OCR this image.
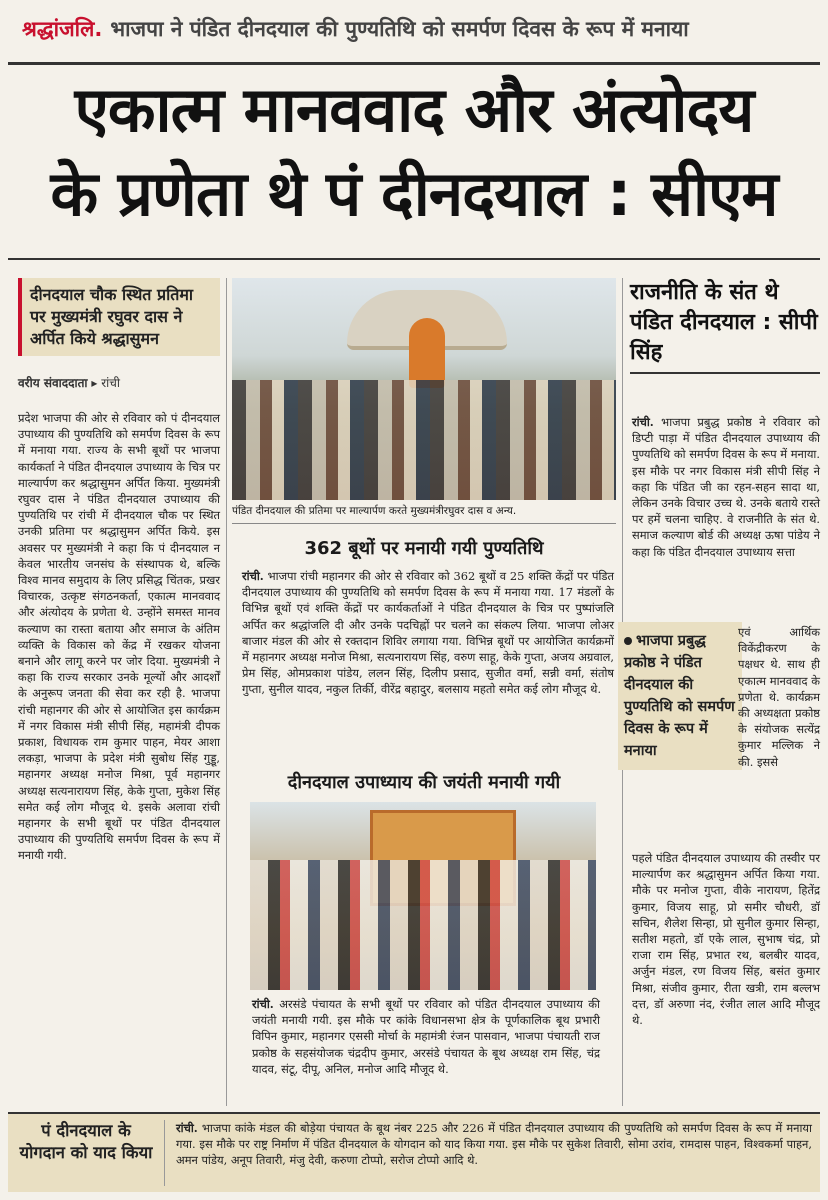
श्रद्धांजलि. भाजपा ने पंडित दीनदयाल की पुण्यतिथि को समर्पण दिवस के रूप में मनाया
एकात्म मानववाद और अंत्योदय
के प्रणेता थे पं दीनदयाल : सीएम
दीनदयाल चौक स्थित प्रतिमा पर मुख्यमंत्री रघुवर दास ने अर्पित किये श्रद्धासुमन
वरीय संवाददाता ▸ रांची
प्रदेश भाजपा की ओर से रविवार को पं दीनदयाल उपाध्याय की पुण्यतिथि को समर्पण दिवस के रूप में मनाया गया. राज्य के सभी बूथों पर भाजपा कार्यकर्ता ने पंडित दीनदयाल उपाध्याय के चित्र पर माल्यार्पण कर श्रद्धासुमन अर्पित किया. मुख्यमंत्री रघुवर दास ने पंडित दीनदयाल उपाध्याय की पुण्यतिथि पर रांची में दीनदयाल चौक पर स्थित उनकी प्रतिमा पर श्रद्धासुमन अर्पित किये. इस अवसर पर मुख्यमंत्री ने कहा कि पं दीनदयाल न केवल भारतीय जनसंघ के संस्थापक थे, बल्कि विश्व मानव समुदाय के लिए प्रसिद्ध चिंतक, प्रखर विचारक, उत्कृष्ट संगठनकर्ता, एकात्म मानववाद और अंत्योदय के प्रणेता थे. उन्होंने समस्त मानव कल्याण का रास्ता बताया और समाज के अंतिम व्यक्ति के विकास को केंद्र में रखकर योजना बनाने और लागू करने पर जोर दिया. मुख्यमंत्री ने कहा कि राज्य सरकार उनके मूल्यों और आदर्शों के अनुरूप जनता की सेवा कर रही है. भाजपा रांची महानगर की ओर से आयोजित इस कार्यक्रम में नगर विकास मंत्री सीपी सिंह, महामंत्री दीपक प्रकाश, विधायक राम कुमार पाहन, मेयर आशा लकड़ा, भाजपा के प्रदेश मंत्री सुबोध सिंह गुड्डू, महानगर अध्यक्ष मनोज मिश्रा, पूर्व महानगर अध्यक्ष सत्यनारायण सिंह, केके गुप्ता, मुकेश सिंह समेत कई लोग मौजूद थे. इसके अलावा रांची महानगर के सभी बूथों पर पंडित दीनदयाल उपाध्याय की पुण्यतिथि समर्पण दिवस के रूप में मनायी गयी.
पंडित दीनदयाल की प्रतिमा पर माल्यार्पण करते मुख्यमंत्रीरघुवर दास व अन्य.
362 बूथों पर मनायी गयी पुण्यतिथि
रांची. भाजपा रांची महानगर की ओर से रविवार को 362 बूथों व 25 शक्ति केंद्रों पर पंडित दीनदयाल उपाध्याय की पुण्यतिथि को समर्पण दिवस के रूप में मनाया गया. 17 मंडलों के विभिन्न बूथों एवं शक्ति केंद्रों पर कार्यकर्ताओं ने पंडित दीनदयाल के चित्र पर पुष्पांजलि अर्पित कर श्रद्धांजलि दी और उनके पदचिह्नों पर चलने का संकल्प लिया. भाजपा लोअर बाजार मंडल की ओर से रक्तदान शिविर लगाया गया. विभिन्न बूथों पर आयोजित कार्यक्रमों में महानगर अध्यक्ष मनोज मिश्रा, सत्यनारायण सिंह, वरुण साहू, केके गुप्ता, अजय अग्रवाल, प्रेम सिंह, ओमप्रकाश पांडेय, ललन सिंह, दिलीप प्रसाद, सुजीत वर्मा, सन्नी वर्मा, संतोष गुप्ता, सुनील यादव, नकुल तिर्की, वीरेंद्र बहादुर, बलसाय महतो समेत कई लोग मौजूद थे.
दीनदयाल उपाध्याय की जयंती मनायी गयी
रांची. अरसंडे पंचायत के सभी बूथों पर रविवार को पंडित दीनदयाल उपाध्याय की जयंती मनायी गयी. इस मौके पर कांके विधानसभा क्षेत्र के पूर्णकालिक बूथ प्रभारी विपिन कुमार, महानगर एससी मोर्चा के महामंत्री रंजन पासवान, भाजपा पंचायती राज प्रकोष्ठ के सहसंयोजक चंद्रदीप कुमार, अरसंडे पंचायत के बूथ अध्यक्ष राम सिंह, चंद्र यादव, संटू, दीपू, अनिल, मनोज आदि मौजूद थे.
राजनीति के संत थे पंडित दीनदयाल : सीपी सिंह
रांची. भाजपा प्रबुद्ध प्रकोष्ठ ने रविवार को डिप्टी पाड़ा में पंडित दीनदयाल उपाध्याय की पुण्यतिथि को समर्पण दिवस के रूप में मनाया. इस मौके पर नगर विकास मंत्री सीपी सिंह ने कहा कि पंडित जी का रहन-सहन सादा था, लेकिन उनके विचार उच्च थे. उनके बताये रास्ते पर हमें चलना चाहिए. वे राजनीति के संत थे. समाज कल्याण बोर्ड की अध्यक्ष ऊषा पांडेय ने कहा कि पंडित दीनदयाल उपाध्याय सत्ता
भाजपा प्रबुद्ध प्रकोष्ठ ने पंडित दीनदयाल की पुण्यतिथि को समर्पण दिवस के रूप में मनाया
एवं आर्थिक विकेंद्रीकरण के पक्षधर थे. साथ ही एकात्म मानववाद के प्रणेता थे. कार्यक्रम की अध्यक्षता प्रकोष्ठ के संयोजक सत्येंद्र कुमार मल्लिक ने की. इससे
पहले पंडित दीनदयाल उपाध्याय की तस्वीर पर माल्यार्पण कर श्रद्धासुमन अर्पित किया गया. मौके पर मनोज गुप्ता, वीके नारायण, हितेंद्र कुमार, विजय साहू, प्रो समीर चौधरी, डॉ सचिन, शैलेश सिन्हा, प्रो सुनील कुमार सिन्हा, सतीश महतो, डॉ एके लाल, सुभाष चंद्र, प्रो राजा राम सिंह, प्रभात रथ, बलबीर यादव, अर्जुन मंडल, रण विजय सिंह, बसंत कुमार मिश्रा, संजीव कुमार, रीता खत्री, राम बल्लभ दत्त, डॉ अरुणा नंद, रंजीत लाल आदि मौजूद थे.
पं दीनदयाल के योगदान को याद किया
रांची. भाजपा कांके मंडल की बोड़ेया पंचायत के बूथ नंबर 225 और 226 में पंडित दीनदयाल उपाध्याय की पुण्यतिथि को समर्पण दिवस के रूप में मनाया गया. इस मौके पर राष्ट्र निर्माण में पंडित दीनदयाल के योगदान को याद किया गया. इस मौके पर सुकेश तिवारी, सोमा उरांव, रामदास पाहन, विश्वकर्मा पाहन, अमन पांडेय, अनूप तिवारी, मंजु देवी, करुणा टोप्पो, सरोज टोप्पो आदि थे.
